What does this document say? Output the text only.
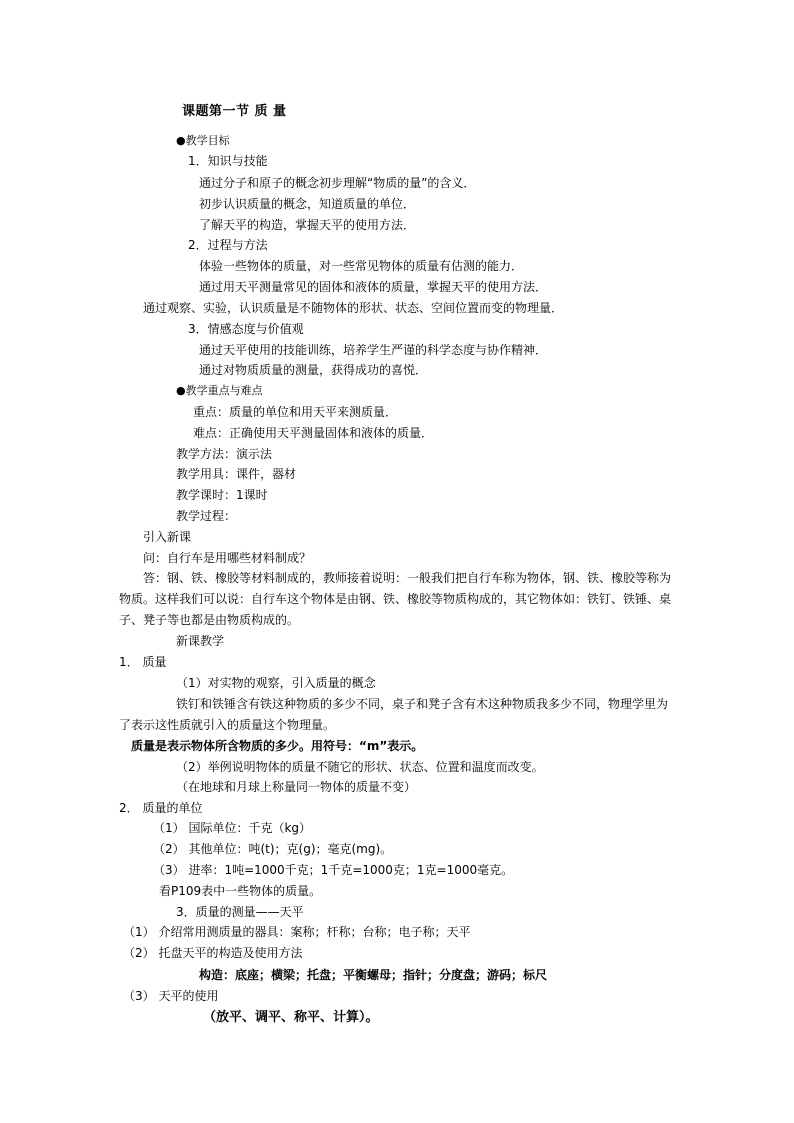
课题第一节 质 量
●教学目标
1．知识与技能
通过分子和原子的概念初步理解“物质的量”的含义．
初步认识质量的概念，知道质量的单位．
了解天平的构造，掌握天平的使用方法．
2．过程与方法
体验一些物体的质量，对一些常见物体的质量有估测的能力．
通过用天平测量常见的固体和液体的质量，掌握天平的使用方法．
通过观察、实验，认识质量是不随物体的形状、状态、空间位置而变的物理量．
3．情感态度与价值观
通过天平使用的技能训练，培养学生严谨的科学态度与协作精神．
通过对物质质量的测量，获得成功的喜悦．
●教学重点与难点
重点：质量的单位和用天平来测质量．
难点：正确使用天平测量固体和液体的质量．
教学方法：演示法
教学用具：课件，器材
教学课时：1课时
教学过程：
引入新课
问：自行车是用哪些材料制成？
答：钢、铁、橡胶等材料制成的，教师接着说明：一般我们把自行车称为物体，钢、铁、橡胶等称为
物质。这样我们可以说：自行车这个物体是由钢、铁、橡胶等物质构成的，其它物体如：铁钉、铁锤、桌
子、凳子等也都是由物质构成的。
新课教学
1． 质量
（1）对实物的观察，引入质量的概念
铁钉和铁锤含有铁这种物质的多少不同，桌子和凳子含有木这种物质我多少不同，物理学里为
了表示这性质就引入的质量这个物理量。
质量是表示物体所含物质的多少。用符号：“m”表示。
（2）举例说明物体的质量不随它的形状、状态、位置和温度而改变。
（在地球和月球上称量同一物体的质量不变）
2． 质量的单位
（1） 国际单位：千克（kg）
（2） 其他单位：吨(t)；克(g)；毫克(mg)。
（3） 进率：1吨=1000千克；1千克=1000克；1克=1000毫克。
看P109表中一些物体的质量。
3．质量的测量——天平
（1） 介绍常用测质量的器具：案称；杆称；台称；电子称；天平
（2） 托盘天平的构造及使用方法
构造：底座；横梁；托盘；平衡螺母；指针；分度盘；游码；标尺
（3） 天平的使用
（放平、调平、称平、计算）。
